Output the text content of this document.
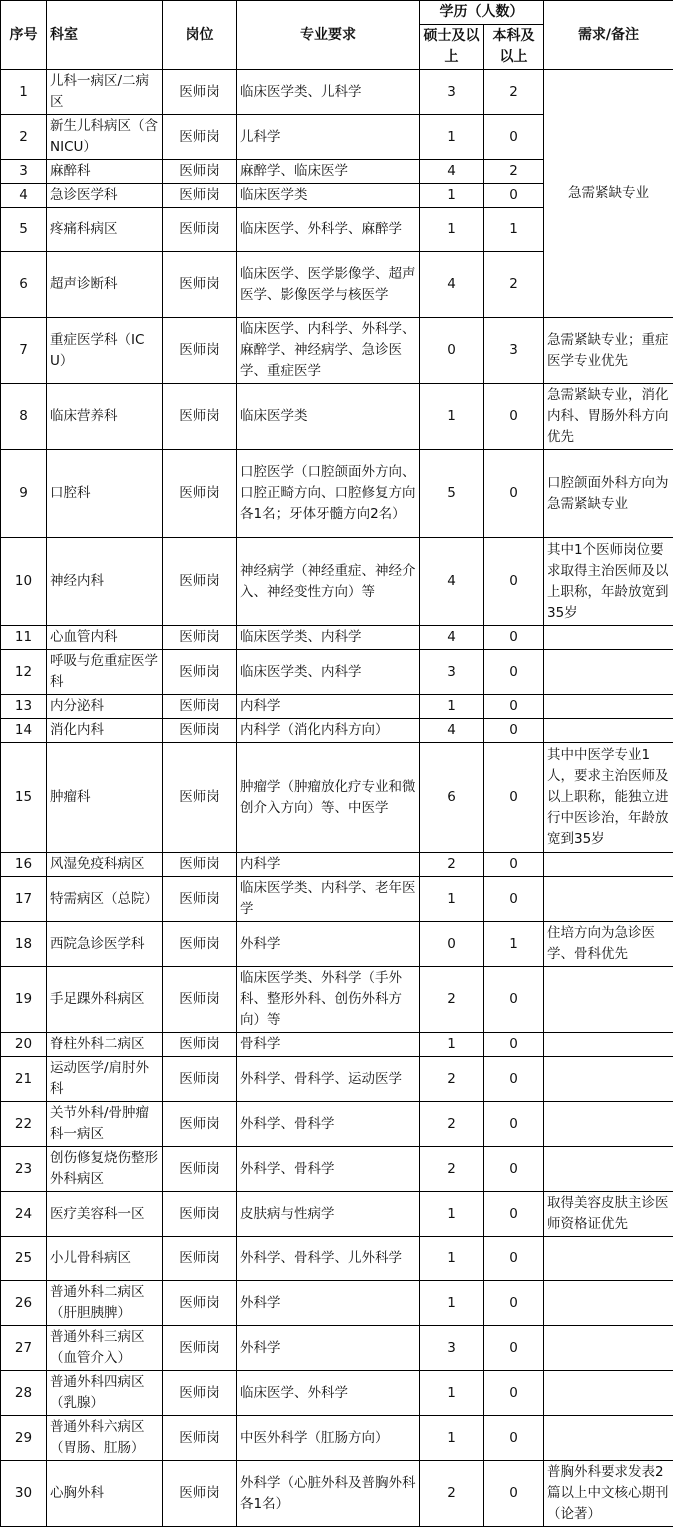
序号	科室	岗位	专业要求	学历（人数）		需求/备注
				硕士及以上	本科及以上	
1	儿科一病区/二病区	医师岗	临床医学类、儿科学	3	2	急需紧缺专业
2	新生儿科病区（含NICU）	医师岗	儿科学	1	0	
3	麻醉科	医师岗	麻醉学、临床医学	4	2	
4	急诊医学科	医师岗	临床医学类	1	0	
5	疼痛科病区	医师岗	临床医学、外科学、麻醉学	1	1	
6	超声诊断科	医师岗	临床医学、医学影像学、超声医学、影像医学与核医学	4	2	
7	重症医学科（ICU）	医师岗	临床医学、内科学、外科学、麻醉学、神经病学、急诊医学、重症医学	0	3	急需紧缺专业；重症医学专业优先
8	临床营养科	医师岗	临床医学类	1	0	急需紧缺专业，消化内科、胃肠外科方向优先
9	口腔科	医师岗	口腔医学（口腔颌面外方向、口腔正畸方向、口腔修复方向各1名；牙体牙髓方向2名）	5	0	口腔颌面外科方向为急需紧缺专业
10	神经内科	医师岗	神经病学（神经重症、神经介入、神经变性方向）等	4	0	其中1个医师岗位要求取得主治医师及以上职称，年龄放宽到35岁
11	心血管内科	医师岗	临床医学类、内科学	4	0	
12	呼吸与危重症医学科	医师岗	临床医学类、内科学	3	0	
13	内分泌科	医师岗	内科学	1	0	
14	消化内科	医师岗	内科学（消化内科方向）	4	0	
15	肿瘤科	医师岗	肿瘤学（肿瘤放化疗专业和微创介入方向）等、中医学	6	0	其中中医学专业1人，要求主治医师及以上职称，能独立进行中医诊治，年龄放宽到35岁
16	风湿免疫科病区	医师岗	内科学	2	0	
17	特需病区（总院）	医师岗	临床医学类、内科学、老年医学	1	0	
18	西院急诊医学科	医师岗	外科学	0	1	住培方向为急诊医学、骨科优先
19	手足踝外科病区	医师岗	临床医学类、外科学（手外科、整形外科、创伤外科方向）等	2	0	
20	脊柱外科二病区	医师岗	骨科学	1	0	
21	运动医学/肩肘外科	医师岗	外科学、骨科学、运动医学	2	0	
22	关节外科/骨肿瘤科一病区	医师岗	外科学、骨科学	2	0	
23	创伤修复烧伤整形外科病区	医师岗	外科学、骨科学	2	0	
24	医疗美容科一区	医师岗	皮肤病与性病学	1	0	取得美容皮肤主诊医师资格证优先
25	小儿骨科病区	医师岗	外科学、骨科学、儿外科学	1	0	
26	普通外科二病区（肝胆胰脾）	医师岗	外科学	1	0	
27	普通外科三病区（血管介入）	医师岗	外科学	3	0	
28	普通外科四病区（乳腺）	医师岗	临床医学、外科学	1	0	
29	普通外科六病区（胃肠、肛肠）	医师岗	中医外科学（肛肠方向）	1	0	
30	心胸外科	医师岗	外科学（心脏外科及普胸外科各1名）	2	0	普胸外科要求发表2篇以上中文核心期刊（论著）
